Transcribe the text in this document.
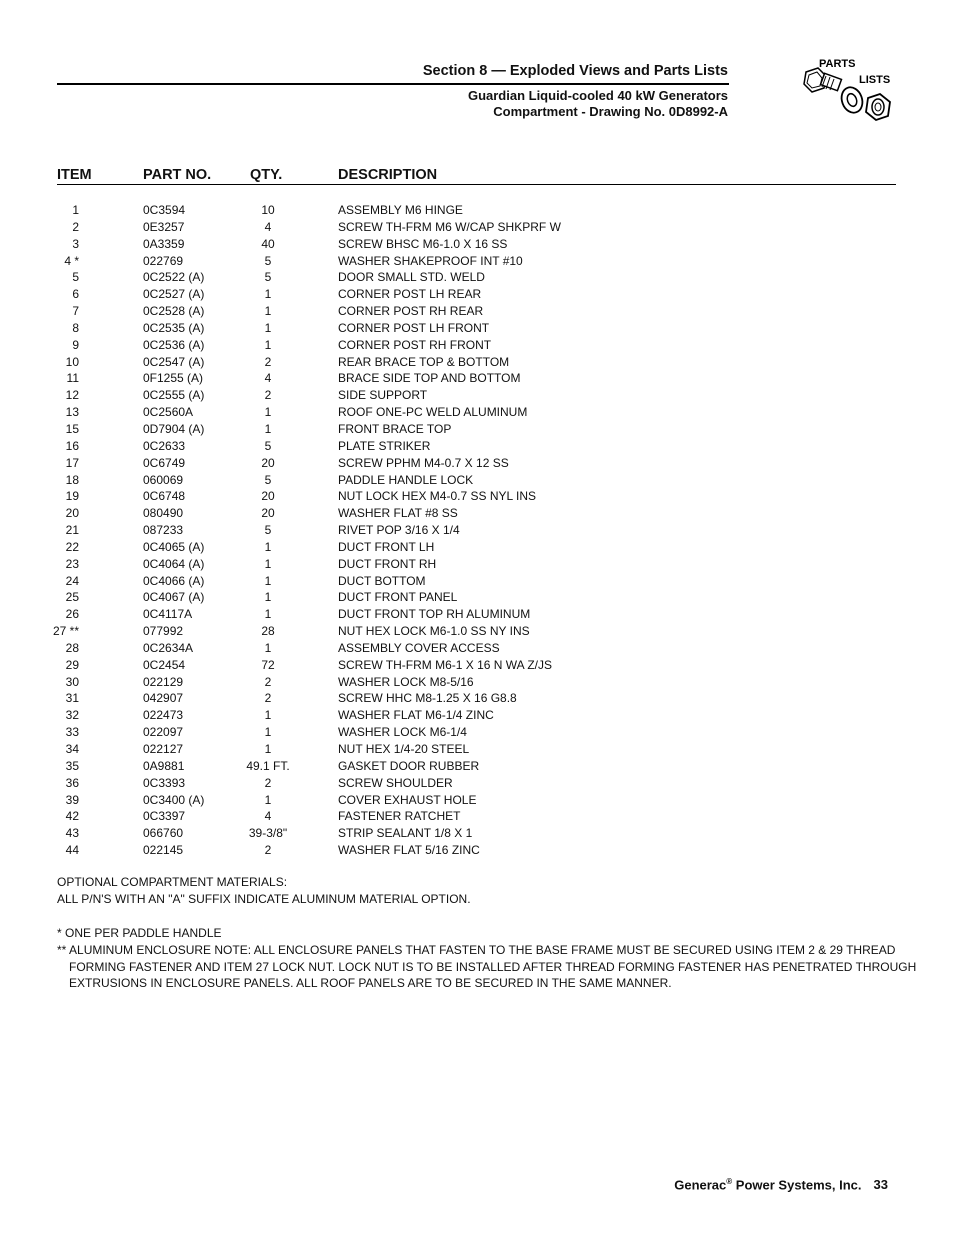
Section 8 — Exploded Views and Parts Lists
Guardian Liquid-cooled 40 kW Generators
Compartment - Drawing No. 0D8992-A
PARTS
LISTS
ITEM	PART NO.	QTY.	DESCRIPTION
1	0C3594	10	ASSEMBLY M6 HINGE
2	0E3257	4	SCREW TH-FRM M6 W/CAP SHKPRF W
3	0A3359	40	SCREW BHSC M6-1.0 X 16 SS
4 *	022769	5	WASHER SHAKEPROOF INT #10
5	0C2522 (A)	5	DOOR SMALL STD. WELD
6	0C2527 (A)	1	CORNER POST LH REAR
7	0C2528 (A)	1	CORNER POST RH REAR
8	0C2535 (A)	1	CORNER POST LH FRONT
9	0C2536 (A)	1	CORNER POST RH FRONT
10	0C2547 (A)	2	REAR BRACE TOP & BOTTOM
11	0F1255 (A)	4	BRACE SIDE TOP AND BOTTOM
12	0C2555 (A)	2	SIDE SUPPORT
13	0C2560A	1	ROOF ONE-PC WELD ALUMINUM
15	0D7904 (A)	1	FRONT BRACE TOP
16	0C2633	5	PLATE STRIKER
17	0C6749	20	SCREW PPHM M4-0.7 X 12 SS
18	060069	5	PADDLE HANDLE LOCK
19	0C6748	20	NUT LOCK HEX M4-0.7 SS NYL INS
20	080490	20	WASHER FLAT #8 SS
21	087233	5	RIVET POP 3/16 X 1/4
22	0C4065 (A)	1	DUCT FRONT LH
23	0C4064 (A)	1	DUCT FRONT RH
24	0C4066 (A)	1	DUCT BOTTOM
25	0C4067 (A)	1	DUCT FRONT PANEL
26	0C4117A	1	DUCT FRONT TOP RH ALUMINUM
27 **	077992	28	NUT HEX LOCK M6-1.0 SS NY INS
28	0C2634A	1	ASSEMBLY COVER ACCESS
29	0C2454	72	SCREW TH-FRM M6-1 X 16 N WA Z/JS
30	022129	2	WASHER LOCK M8-5/16
31	042907	2	SCREW HHC M8-1.25 X 16 G8.8
32	022473	1	WASHER FLAT M6-1/4 ZINC
33	022097	1	WASHER LOCK M6-1/4
34	022127	1	NUT HEX 1/4-20 STEEL
35	0A9881	49.1 FT.	GASKET DOOR RUBBER
36	0C3393	2	SCREW SHOULDER
39	0C3400 (A)	1	COVER EXHAUST HOLE
42	0C3397	4	FASTENER RATCHET
43	066760	39-3/8"	STRIP SEALANT 1/8 X 1
44	022145	2	WASHER FLAT 5/16 ZINC
OPTIONAL COMPARTMENT MATERIALS:
ALL P/N'S WITH AN "A" SUFFIX INDICATE ALUMINUM MATERIAL OPTION.
* ONE PER PADDLE HANDLE
** ALUMINUM ENCLOSURE NOTE: ALL ENCLOSURE PANELS THAT FASTEN TO THE BASE FRAME MUST BE SECURED USING ITEM 2 & 29 THREAD
FORMING FASTENER AND ITEM 27 LOCK NUT. LOCK NUT IS TO BE INSTALLED AFTER THREAD FORMING FASTENER HAS PENETRATED THROUGH
EXTRUSIONS IN ENCLOSURE PANELS. ALL ROOF PANELS ARE TO BE SECURED IN THE SAME MANNER.
Generac® Power Systems, Inc. 33
